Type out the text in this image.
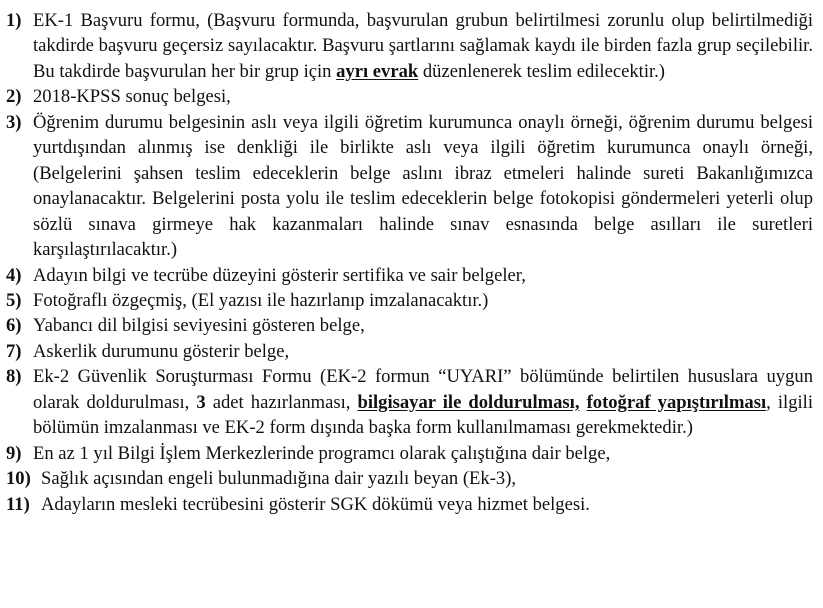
1) EK-1 Başvuru formu, (Başvuru formunda, başvurulan grubun belirtilmesi zorunlu olup belirtilmediği takdirde başvuru geçersiz sayılacaktır. Başvuru şartlarını sağlamak kaydı ile birden fazla grup seçilebilir. Bu takdirde başvurulan her bir grup için ayrı evrak düzenlenerek teslim edilecektir.)
2) 2018-KPSS sonuç belgesi,
3) Öğrenim durumu belgesinin aslı veya ilgili öğretim kurumunca onaylı örneği, öğrenim durumu belgesi yurtdışından alınmış ise denkliği ile birlikte aslı veya ilgili öğretim kurumunca onaylı örneği, (Belgelerini şahsen teslim edeceklerin belge aslını ibraz etmeleri halinde sureti Bakanlığımızca onaylanacaktır. Belgelerini posta yolu ile teslim edeceklerin belge fotokopisi göndermeleri yeterli olup sözlü sınava girmeye hak kazanmaları halinde sınav esnasında belge asılları ile suretleri karşılaştırılacaktır.)
4) Adayın bilgi ve tecrübe düzeyini gösterir sertifika ve sair belgeler,
5) Fotoğraflı özgeçmiş, (El yazısı ile hazırlanıp imzalanacaktır.)
6) Yabancı dil bilgisi seviyesini gösteren belge,
7) Askerlik durumunu gösterir belge,
8) Ek-2 Güvenlik Soruşturması Formu (EK-2 formun “UYARI” bölümünde belirtilen hususlara uygun olarak doldurulması, 3 adet hazırlanması, bilgisayar ile doldurulması, fotoğraf yapıştırılması, ilgili bölümün imzalanması ve EK-2 form dışında başka form kullanılmaması gerekmektedir.)
9) En az 1 yıl Bilgi İşlem Merkezlerinde programcı olarak çalıştığına dair belge,
10) Sağlık açısından engeli bulunmadığına dair yazılı beyan (Ek-3),
11) Adayların mesleki tecrübesini gösterir SGK dökümü veya hizmet belgesi.
